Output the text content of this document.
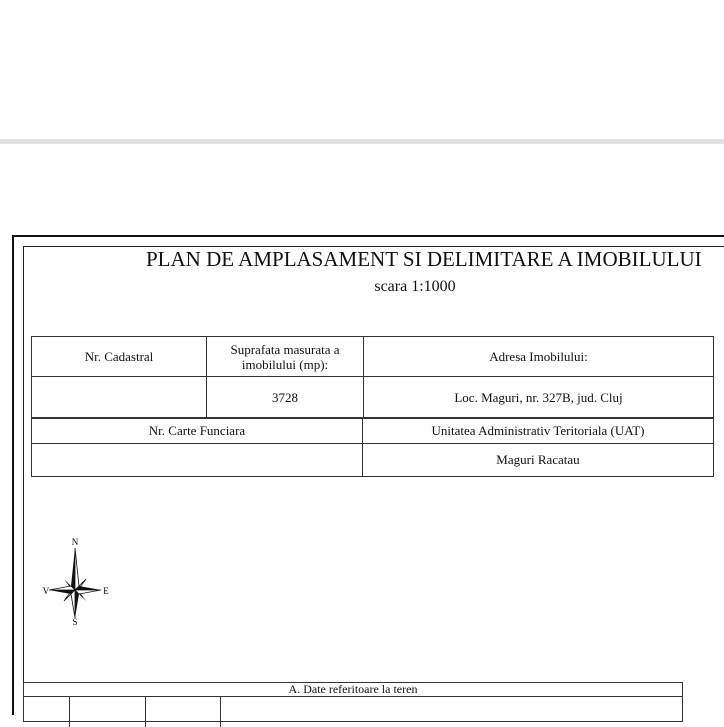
PLAN DE AMPLASAMENT SI DELIMITARE A IMOBILULUI
scara 1:1000
Nr. Cadastral	Suprafata masurata a imobilului (mp):	Adresa Imobilului:
	3728	Loc. Maguri, nr. 327B, jud. Cluj
Nr. Carte Funciara	Unitatea Administrativ Teritoriala (UAT)
	Maguri Racatau
N
S
E
V
A. Date referitoare la teren
